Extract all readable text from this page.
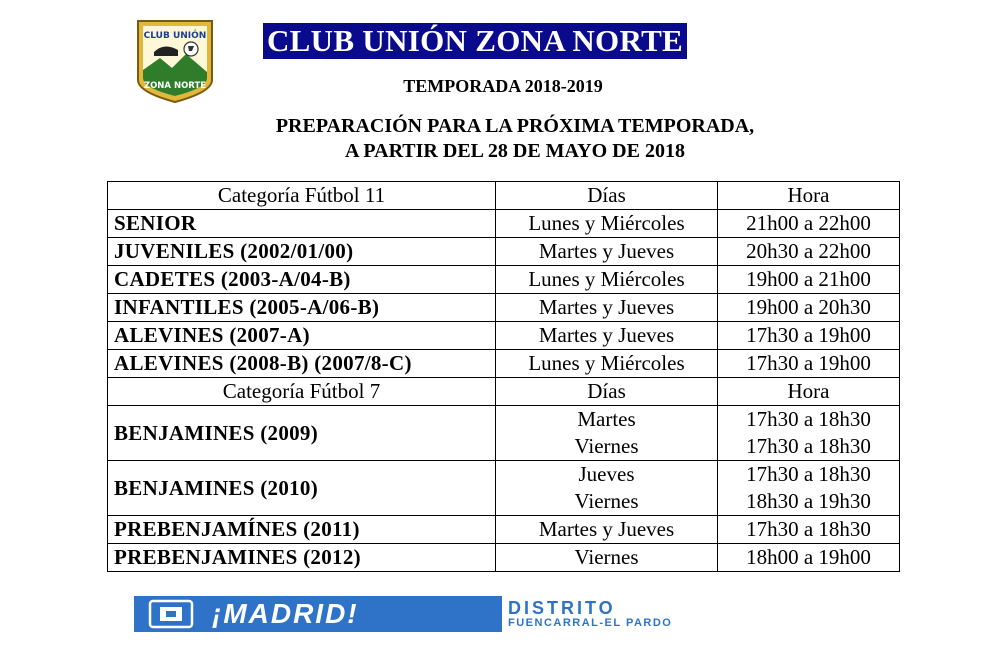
CLUB UNIÓN
ZONA NORTE
CLUB UNIÓN ZONA NORTE
TEMPORADA 2018-2019
PREPARACIÓN PARA LA PRÓXIMA TEMPORADA,
A PARTIR DEL 28 DE MAYO DE 2018
Categoría Fútbol 11	Días	Hora
SENIOR	Lunes y Miércoles	21h00 a 22h00
JUVENILES (2002/01/00)	Martes y Jueves	20h30 a 22h00
CADETES (2003-A/04-B)	Lunes y Miércoles	19h00 a 21h00
INFANTILES (2005-A/06-B)	Martes y Jueves	19h00 a 20h30
ALEVINES (2007-A)	Martes y Jueves	17h30 a 19h00
ALEVINES (2008-B) (2007/8-C)	Lunes y Miércoles	17h30 a 19h00
Categoría Fútbol 7	Días	Hora
BENJAMINES (2009)	Martes	17h30 a 18h30
	Viernes	17h30 a 18h30
BENJAMINES (2010)	Jueves	17h30 a 18h30
	Viernes	18h30 a 19h30
PREBENJAMÍNES (2011)	Martes y Jueves	17h30 a 18h30
PREBENJAMINES (2012)	Viernes	18h00 a 19h00
¡MADRID!	DISTRITO
FUENCARRAL-EL PARDO
